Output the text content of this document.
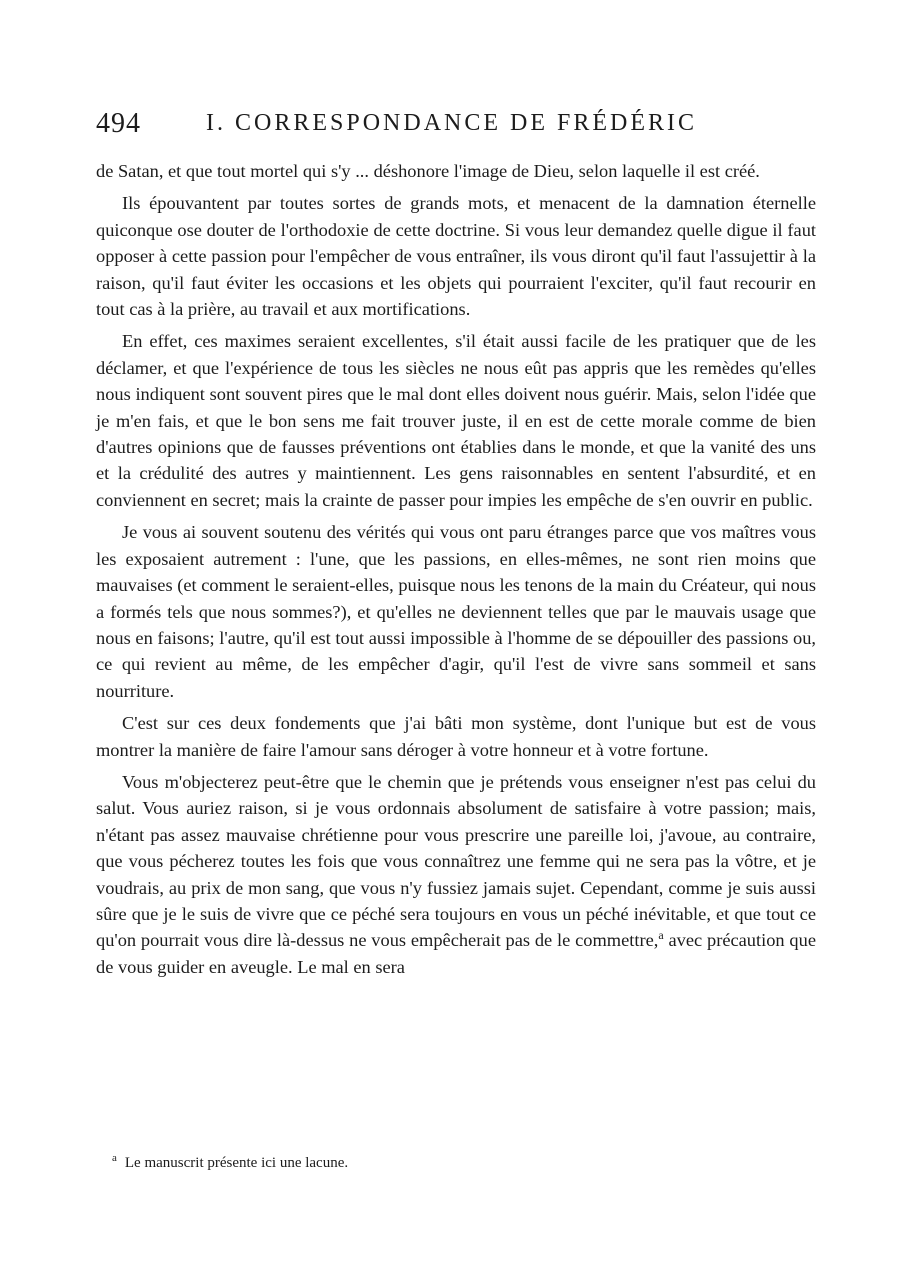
494	I. CORRESPONDANCE DE FRÉDÉRIC

de Satan, et que tout mortel qui s'y ... déshonore l'image de Dieu, selon laquelle il est créé.

Ils épouvantent par toutes sortes de grands mots, et menacent de la damnation éternelle quiconque ose douter de l'orthodoxie de cette doctrine. Si vous leur demandez quelle digue il faut opposer à cette passion pour l'empêcher de vous entraîner, ils vous diront qu'il faut l'assujettir à la raison, qu'il faut éviter les occasions et les objets qui pourraient l'exciter, qu'il faut recourir en tout cas à la prière, au travail et aux mortifications.

En effet, ces maximes seraient excellentes, s'il était aussi facile de les pratiquer que de les déclamer, et que l'expérience de tous les siècles ne nous eût pas appris que les remèdes qu'elles nous indiquent sont souvent pires que le mal dont elles doivent nous guérir. Mais, selon l'idée que je m'en fais, et que le bon sens me fait trouver juste, il en est de cette morale comme de bien d'autres opinions que de fausses préventions ont établies dans le monde, et que la vanité des uns et la crédulité des autres y maintiennent. Les gens raisonnables en sentent l'absurdité, et en conviennent en secret; mais la crainte de passer pour impies les empêche de s'en ouvrir en public.

Je vous ai souvent soutenu des vérités qui vous ont paru étranges parce que vos maîtres vous les exposaient autrement : l'une, que les passions, en elles-mêmes, ne sont rien moins que mauvaises (et comment le seraient-elles, puisque nous les tenons de la main du Créateur, qui nous a formés tels que nous sommes?), et qu'elles ne deviennent telles que par le mauvais usage que nous en faisons; l'autre, qu'il est tout aussi impossible à l'homme de se dépouiller des passions ou, ce qui revient au même, de les empêcher d'agir, qu'il l'est de vivre sans sommeil et sans nourriture.

C'est sur ces deux fondements que j'ai bâti mon système, dont l'unique but est de vous montrer la manière de faire l'amour sans déroger à votre honneur et à votre fortune.

Vous m'objecterez peut-être que le chemin que je prétends vous enseigner n'est pas celui du salut. Vous auriez raison, si je vous ordonnais absolument de satisfaire à votre passion; mais, n'étant pas assez mauvaise chrétienne pour vous prescrire une pareille loi, j'avoue, au contraire, que vous pécherez toutes les fois que vous connaîtrez une femme qui ne sera pas la vôtre, et je voudrais, au prix de mon sang, que vous n'y fussiez jamais sujet. Cependant, comme je suis aussi sûre que je le suis de vivre que ce péché sera toujours en vous un péché inévitable, et que tout ce qu'on pourrait vous dire là-dessus ne vous empêcherait pas de le commettre,$^a$ avec précaution que de vous guider en aveugle. Le mal en sera

$^a$ Le manuscrit présente ici une lacune.
